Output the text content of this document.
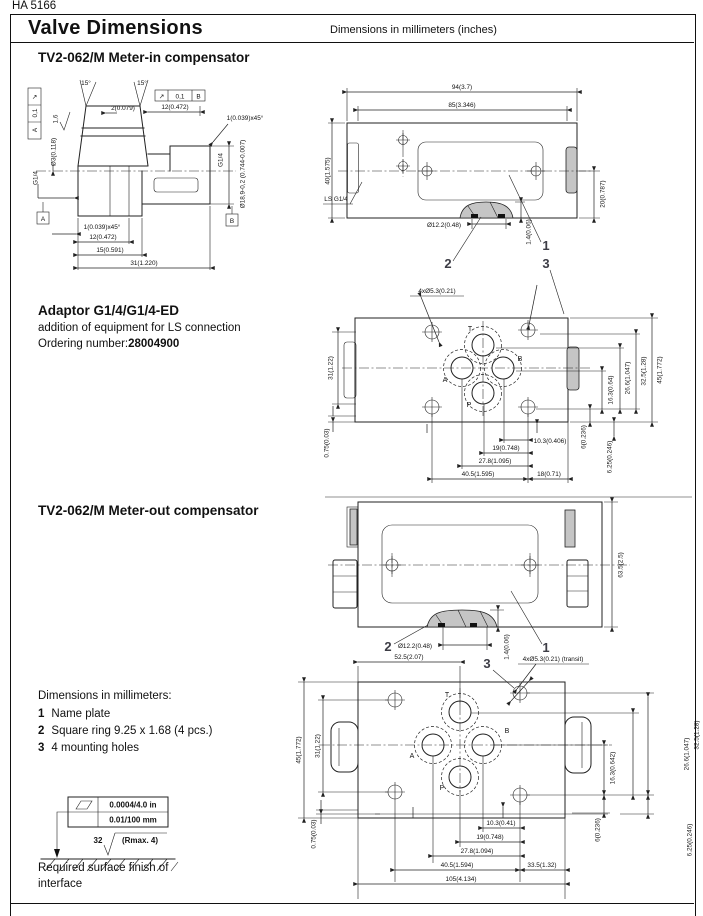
HA 5166
Valve Dimensions	Dimensions in millimeters (inches)
TV2-062/M Meter-in compensator
↗
0,1
A
↗ 0,1 B
A	B
15°	15°
2(0.079)	12(0.472)
1(0.039)x45°
1,6
Ø3(0.118)
G1/4
G1/4 Ø18,9-0,2 (0.744-0.007)
1(0.039)x45°
12(0.472)
15(0.591)
31(1.220)
94(3.7)
85(3.346)
40(1.575)
20(0.787)
LS G1/4
Ø12.2(0.48)	1.4(0.06)
1
2	3
Adaptor G1/4/G1/4-ED
addition of equipment for LS connection
Ordering number:28004900
T
A
B
P
4xØ5.3(0.21)
31(1.22)
0.75(0.03)
16.3(0.64) 26.6(1.047) 32.5(1.28) 45(1.772)
6(0.236)
6.25(0.246)
10.3(0.406)
19(0.748)
27.8(1.095)
40.5(1.595)	18(0.71)
TV2-062/M Meter-out compensator
63.5(2.5)
Ø12.2(0.48)	1.4(0.06)
2	1
T
A
B
P
3	4xØ5.3(0.21) (transit)
52.5(2.07)
45(1.772) 31(1.22)
0.75(0.03)
16.3(0.642)	26.6(1.047)
32.5(1.28)
6(0.236)	6.25(0.246)
10.3(0.41)
19(0.748)
27.8(1.094)
40.5(1.594)	33.5(1.32)
105(4.134)
Dimensions in millimeters:
1 Name plate
2 Square ring 9.25 x 1.68 (4 pcs.)
3 4 mounting holes
0.0004/4.0 in
0.01/100 mm
32 (Rmax. 4)
Required surface finish of interface
